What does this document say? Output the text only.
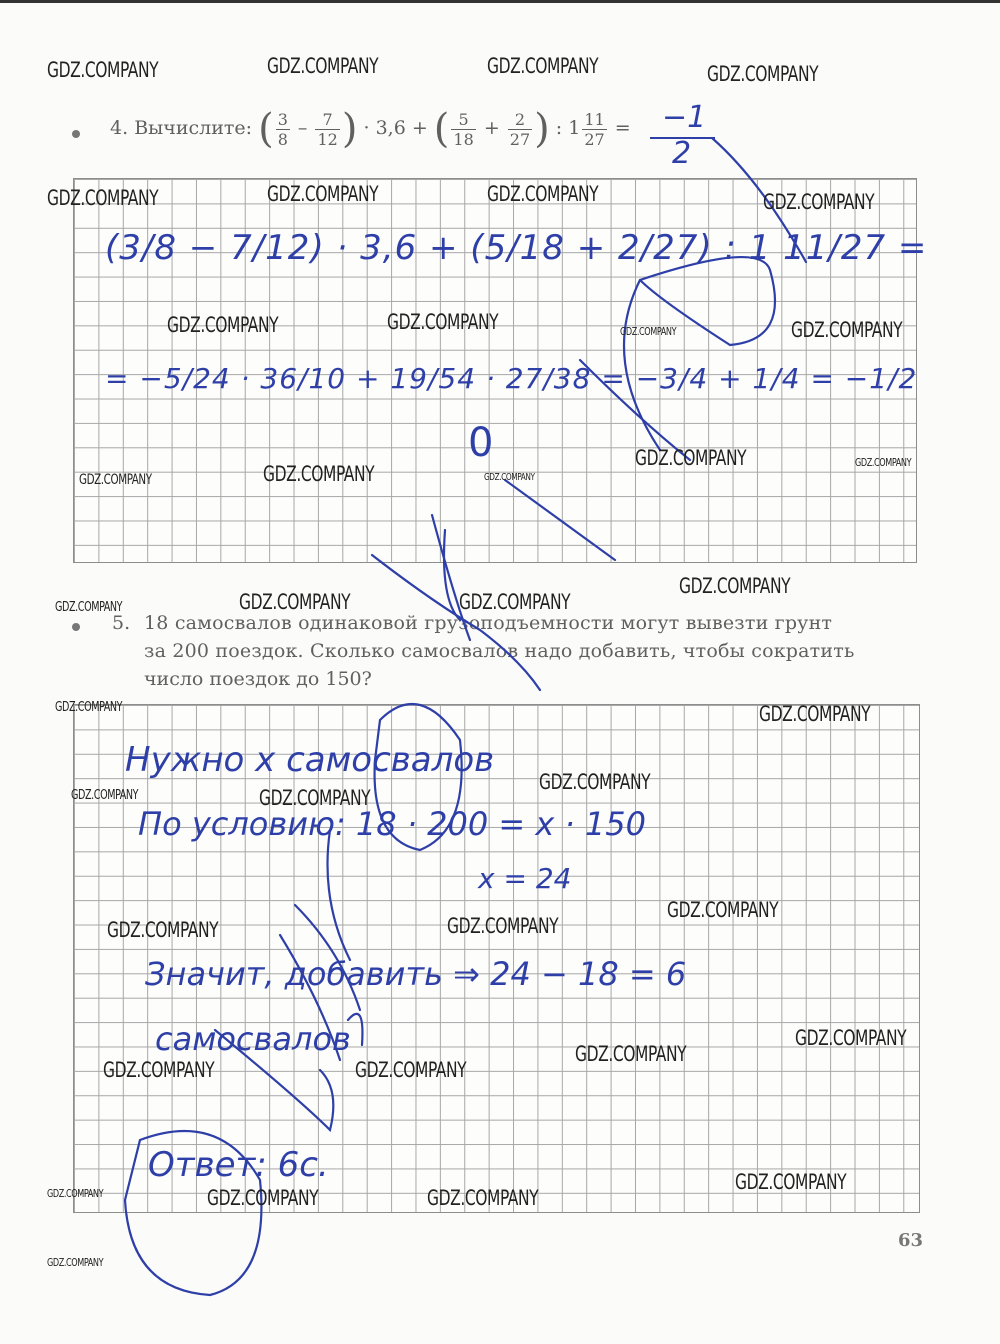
4. Вычислите: ( $\frac{3}{8} - \frac{7}{12}$ ) · 3,6 + ( $\frac{5}{18} + \frac{2}{27}$ ) : $1 \frac{11}{27} = -1$
2
(3/8 − 7/12) · 3,6 + (5/18 + 2/27) : 1 11/27 =
= −5/24 · 36/10 + 19/54 · 27/38 = −3/4 + 1/4 = −1/2
0
5. 18 самосвалов одинаковой грузоподъемности могут вывезти грунт
за 200 поездок. Сколько самосвалов надо добавить, чтобы сократить
число поездок до 150?
Нужно x самосвалов
По условию: 18 · 200 = x · 150
x = 24
Значит, добавить ⇒ 24 − 18 = 6
самосвалов
Ответ: 6с.
63
GDZ.COMPANY	GDZ.COMPANY	GDZ.COMPANY	GDZ.COMPANY
GDZ.COMPANY	GDZ.COMPANY	GDZ.COMPANY	GDZ.COMPANY
GDZ.COMPANY	GDZ.COMPANY	GDZ.COMPANY	GDZ.COMPANY
GDZ.COMPANY	GDZ.COMPANY	GDZ.COMPANY
GDZ.COMPANY	GDZ.COMPANY
GDZ.COMPANY
GDZ.COMPANY	GDZ.COMPANY	GDZ.COMPANY
GDZ.COMPANY	GDZ.COMPANY
GDZ.COMPANY
GDZ.COMPANY	GDZ.COMPANY
GDZ.COMPANY
GDZ.COMPANY	GDZ.COMPANY
GDZ.COMPANY
GDZ.COMPANY
GDZ.COMPANY	GDZ.COMPANY
GDZ.COMPANY
GDZ.COMPANY	GDZ.COMPANY	GDZ.COMPANY
GDZ.COMPANY
